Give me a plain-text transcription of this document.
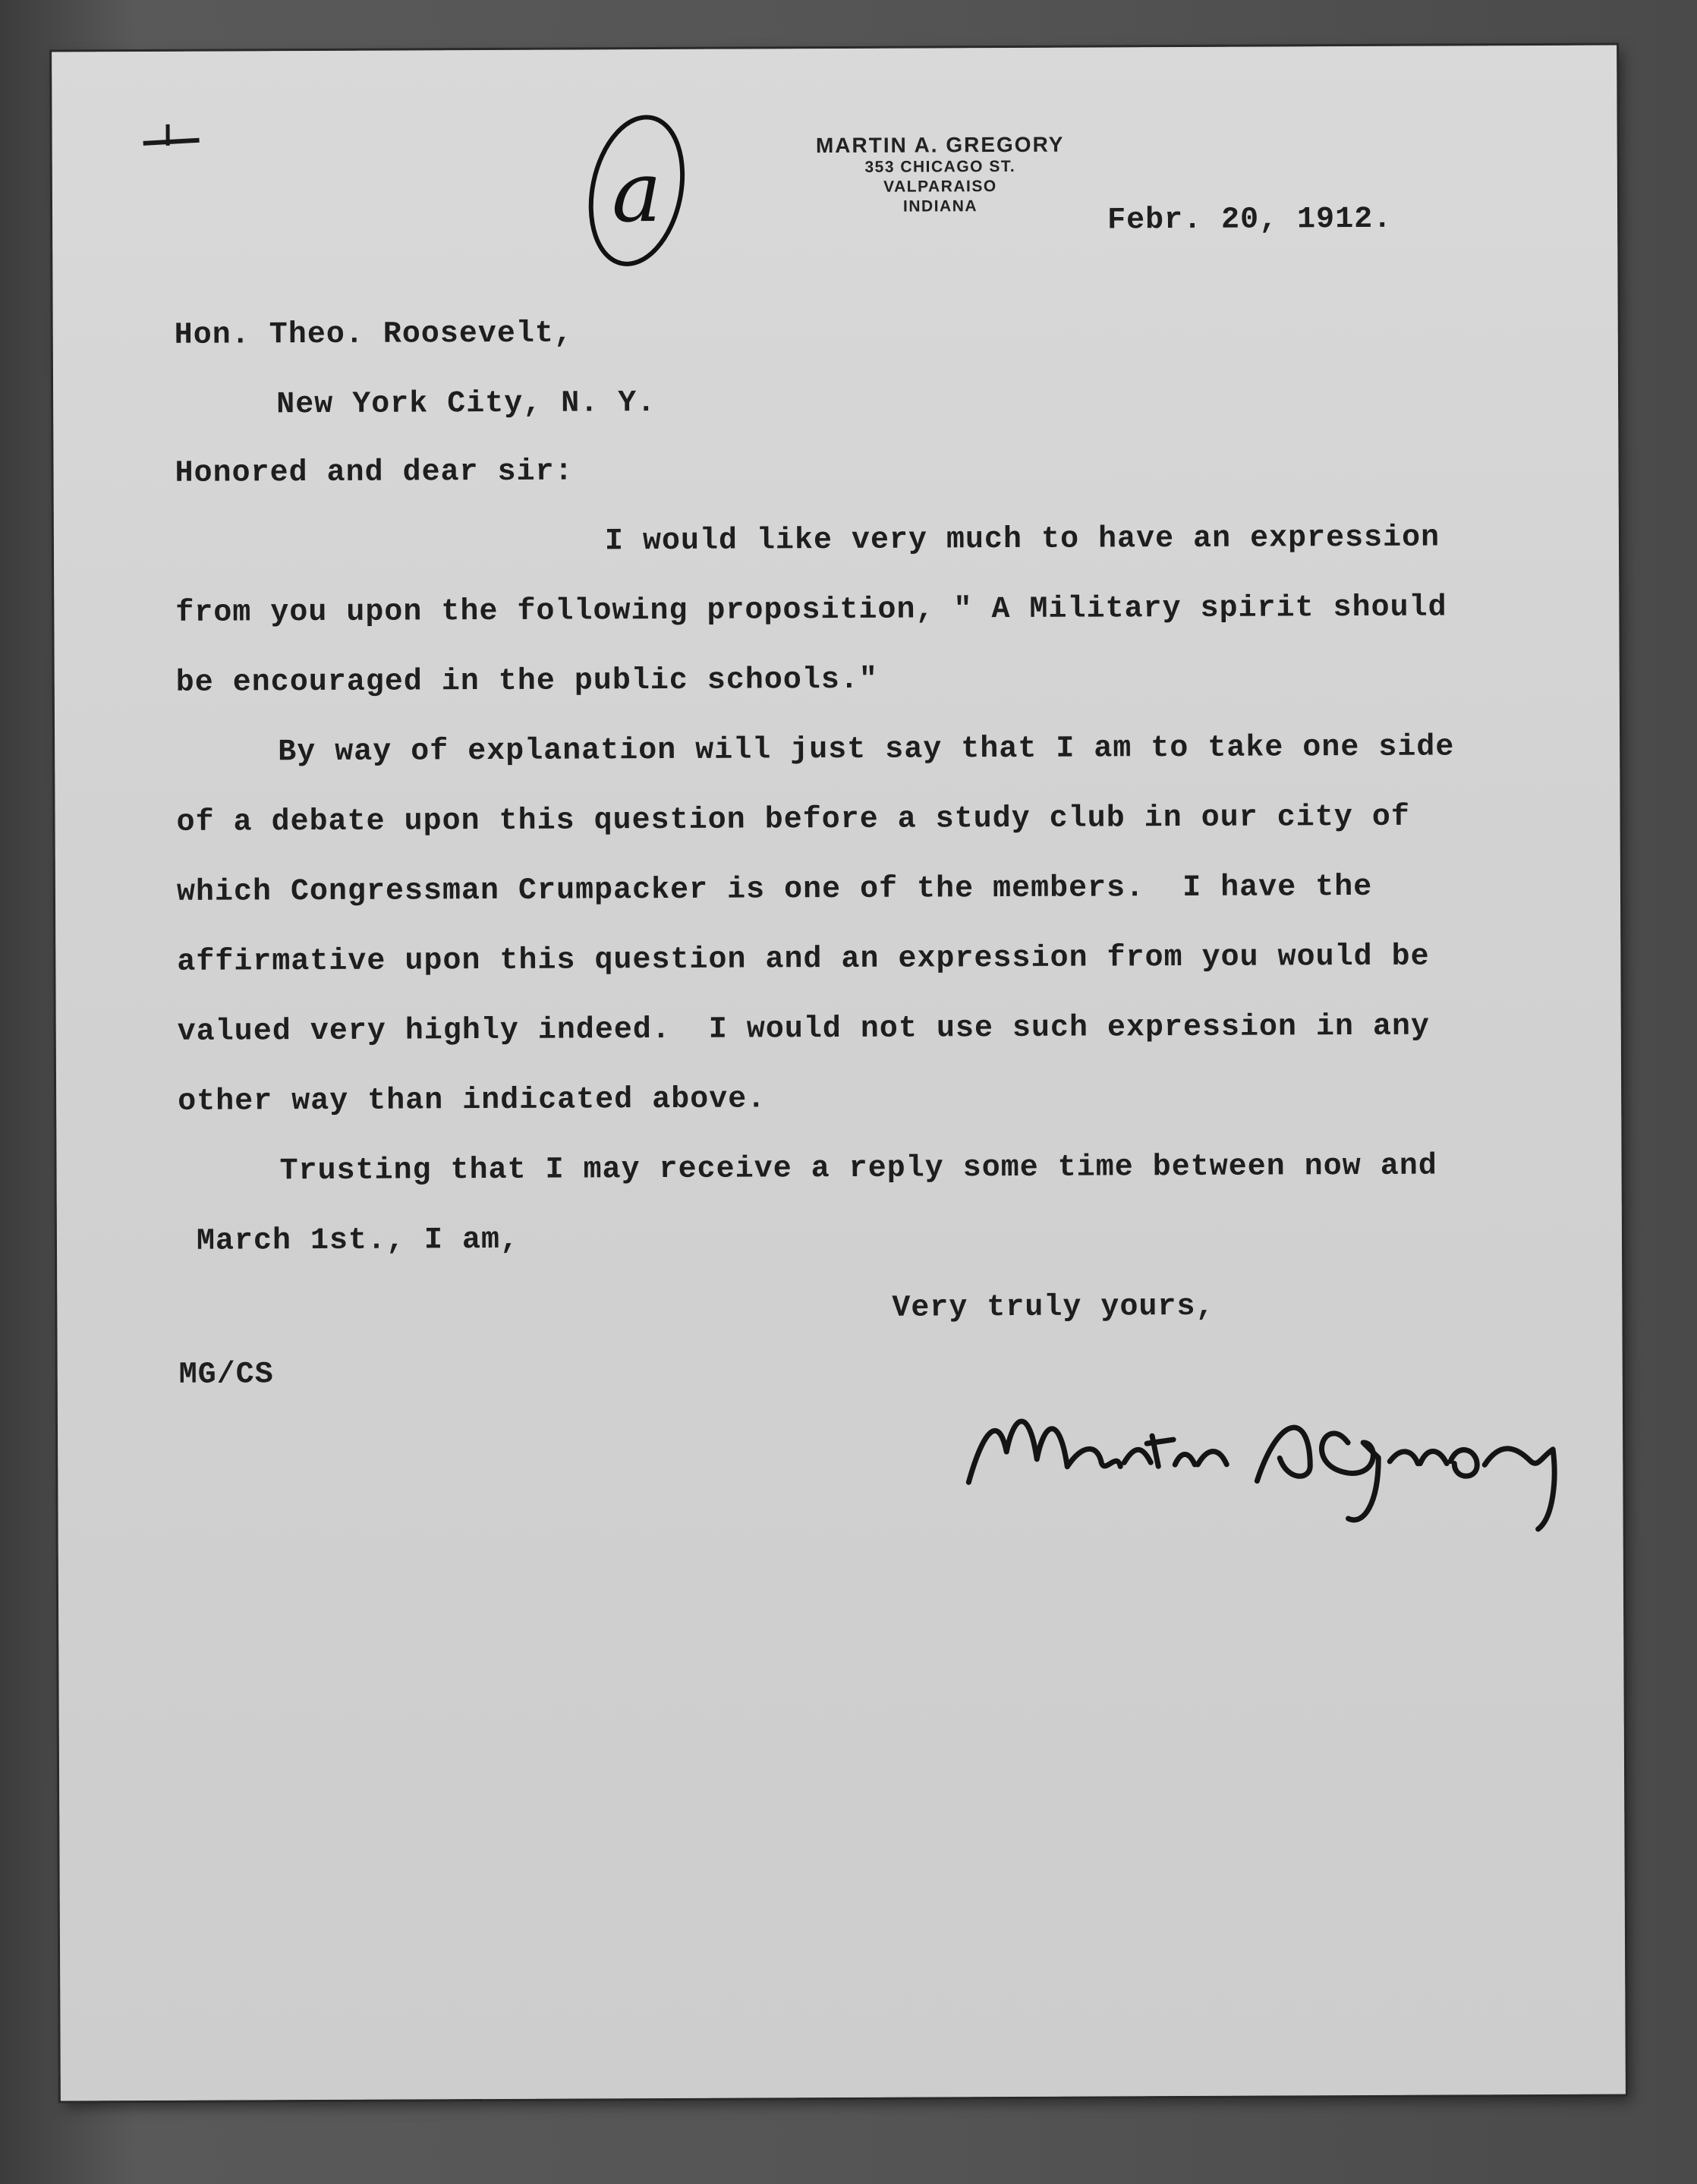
a	MARTIN A. GREGORY
353 CHICAGO ST.
VALPARAISO
INDIANA	Febr. 20, 1912.
Hon. Theo. Roosevelt,
New York City, N. Y.
Honored and dear sir:
I would like very much to have an expression
from you upon the following proposition, " A Military spirit should
be encouraged in the public schools."
By way of explanation will just say that I am to take one side
of a debate upon this question before a study club in our city of
which Congressman Crumpacker is one of the members.  I have the
affirmative upon this question and an expression from you would be
valued very highly indeed.  I would not use such expression in any
other way than indicated above.
Trusting that I may receive a reply some time between now and
March 1st., I am,
Very truly yours,
MG/CS	Martin A Gregory
